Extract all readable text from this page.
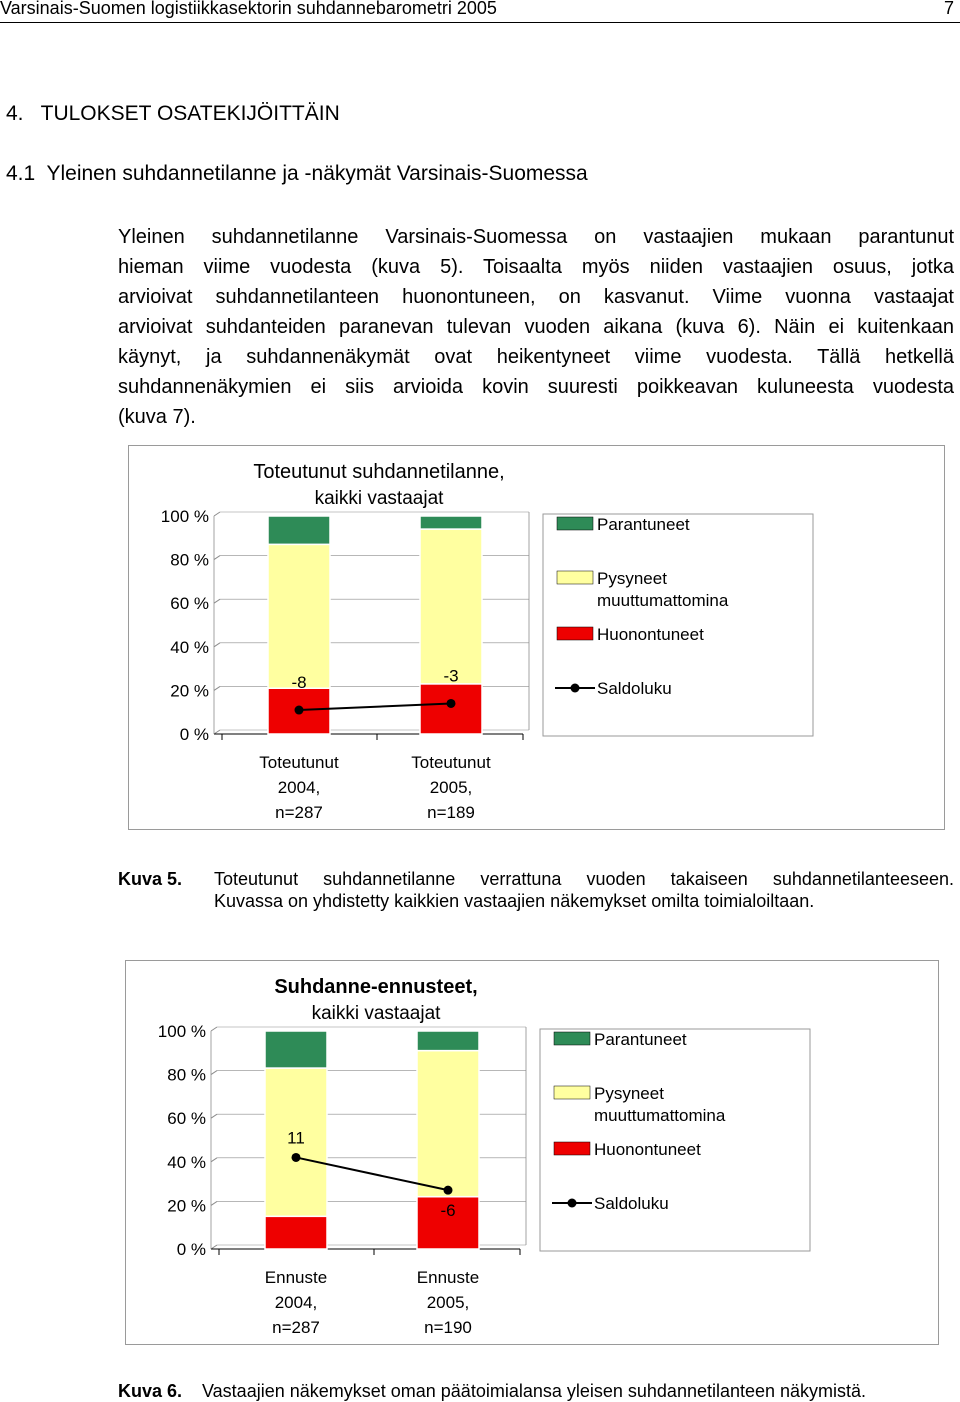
Varsinais-Suomen logistiikkasektorin suhdannebarometri 2005	7
4.   TULOKSET OSATEKIJÖITTÄIN
4.1  Yleinen suhdannetilanne ja -näkymät Varsinais-Suomessa
Yleinen suhdannetilanne Varsinais-Suomessa on vastaajien mukaan parantunut
hieman viime vuodesta (kuva 5). Toisaalta myös niiden vastaajien osuus, jotka
arvioivat suhdannetilanteen huonontuneen, on kasvanut. Viime vuonna vastaajat
arvioivat suhdanteiden paranevan tulevan vuoden aikana (kuva 6). Näin ei kuitenkaan
käynyt, ja suhdannenäkymät ovat heikentyneet viime vuodesta. Tällä hetkellä
suhdannenäkymien ei siis arvioida kovin suuresti poikkeavan kuluneesta vuodesta
(kuva 7).
Toteutunut suhdannetilanne,
kaikki vastaajat
0 %
20 %
40 %
60 %
80 %
100 %
Toteutunut
2004,
n=287
Toteutunut
2005,
n=189
-8	-3
Parantuneet
Pysyneet
muuttumattomina
Huonontuneet
Saldoluku
Kuva 5. Toteutunut suhdannetilanne verrattuna vuoden takaiseen suhdannetilanteeseen.
Kuvassa on yhdistetty kaikkien vastaajien näkemykset omilta toimialoiltaan.
Suhdanne-ennusteet,
kaikki vastaajat
0 %
20 %
40 %
60 %
80 %
100 %
Ennuste
2004,
n=287
Ennuste
2005,
n=190
11
-6
Parantuneet
Pysyneet
muuttumattomina
Huonontuneet
Saldoluku
Kuva 6. Vastaajien näkemykset oman päätoimialansa yleisen suhdannetilanteen näkymistä.
